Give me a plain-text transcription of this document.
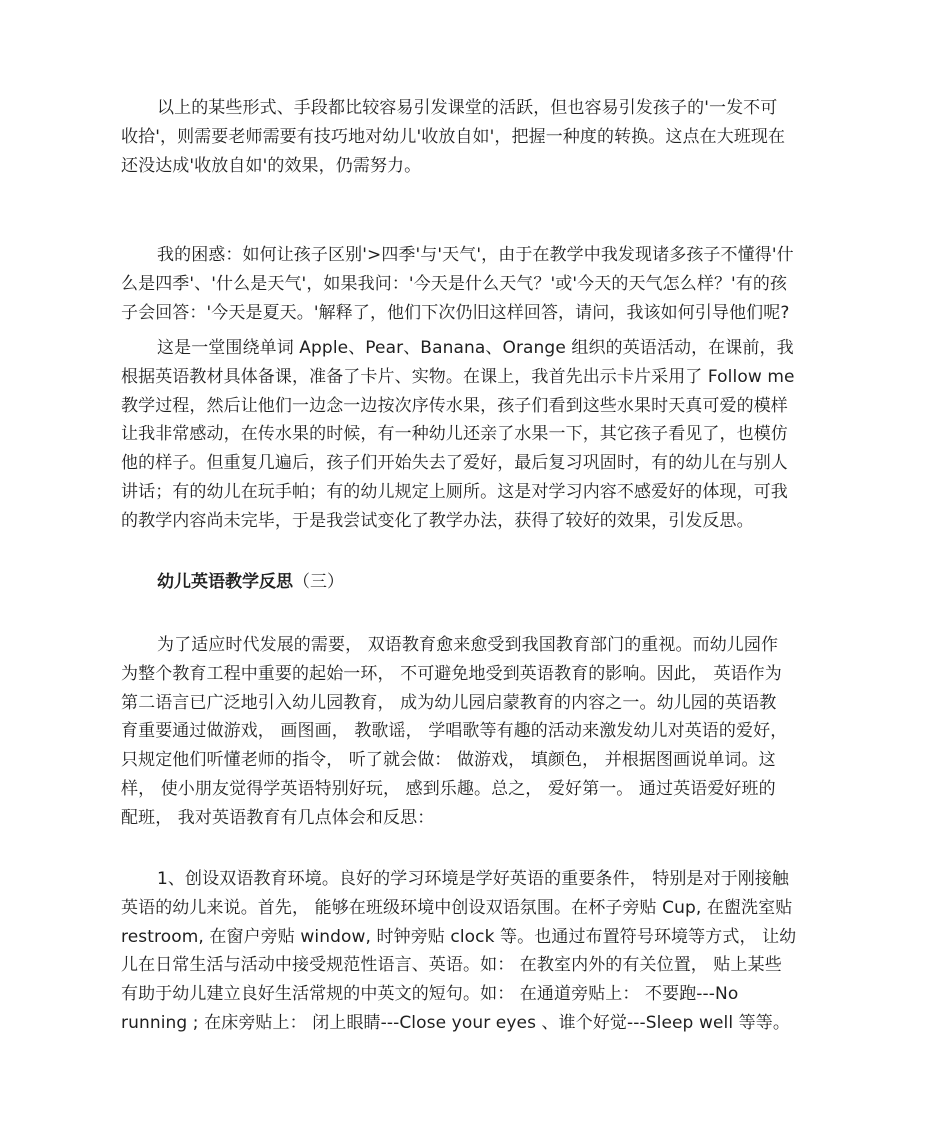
以上的某些形式、手段都比较容易引发课堂的活跃，但也容易引发孩子的'一发不可
收拾'，则需要老师需要有技巧地对幼儿'收放自如'，把握一种度的转换。这点在大班现在
还没达成'收放自如'的效果，仍需努力。

我的困惑：如何让孩子区别'>四季'与'天气'，由于在教学中我发现诸多孩子不懂得'什
么是四季'、'什么是天气'，如果我问：'今天是什么天气？'或'今天的天气怎么样？'有的孩
子会回答：'今天是夏天。'解释了，他们下次仍旧这样回答，请问，我该如何引导他们呢?

这是一堂围绕单词 Apple、Pear、Banana、Orange 组织的英语活动，在课前，我
根据英语教材具体备课，准备了卡片、实物。在课上，我首先出示卡片采用了 Follow me
教学过程，然后让他们一边念一边按次序传水果，孩子们看到这些水果时天真可爱的模样
让我非常感动，在传水果的时候，有一种幼儿还亲了水果一下，其它孩子看见了，也模仿
他的样子。但重复几遍后，孩子们开始失去了爱好，最后复习巩固时，有的幼儿在与别人
讲话；有的幼儿在玩手帕；有的幼儿规定上厕所。这是对学习内容不感爱好的体现，可我
的教学内容尚未完毕，于是我尝试变化了教学办法，获得了较好的效果，引发反思。

幼儿英语教学反思（三）

为了适应时代发展的需要， 双语教育愈来愈受到我国教育部门的重视。而幼儿园作
为整个教育工程中重要的起始一环， 不可避免地受到英语教育的影响。因此， 英语作为
第二语言已广泛地引入幼儿园教育， 成为幼儿园启蒙教育的内容之一。幼儿园的英语教
育重要通过做游戏， 画图画， 教歌谣， 学唱歌等有趣的活动来激发幼儿对英语的爱好，
只规定他们听懂老师的指令， 听了就会做： 做游戏， 填颜色， 并根据图画说单词。这
样， 使小朋友觉得学英语特别好玩， 感到乐趣。总之， 爱好第一。 通过英语爱好班的
配班， 我对英语教育有几点体会和反思：

1、创设双语教育环境。良好的学习环境是学好英语的重要条件， 特别是对于刚接触
英语的幼儿来说。首先， 能够在班级环境中创设双语氛围。在杯子旁贴 Cup, 在盥洗室贴
restroom, 在窗户旁贴 window, 时钟旁贴 clock 等。也通过布置符号环境等方式， 让幼
儿在日常生活与活动中接受规范性语言、英语。如： 在教室内外的有关位置， 贴上某些
有助于幼儿建立良好生活常规的中英文的短句。如： 在通道旁贴上： 不要跑---No
running ; 在床旁贴上： 闭上眼睛---Close your eyes 、谁个好觉---Sleep well 等等。
